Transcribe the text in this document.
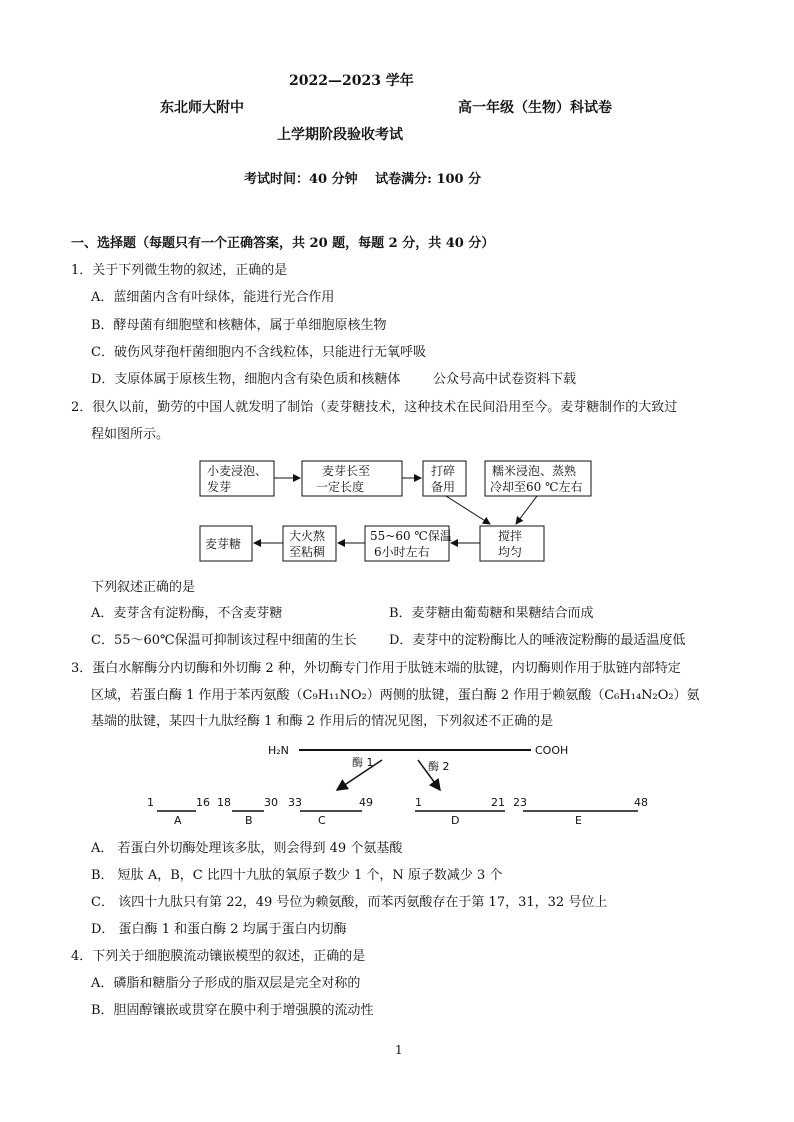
2022—2023 学年
东北师大附中	高一年级（生物）科试卷
上学期阶段验收考试
考试时间：40 分钟　 试卷满分: 100 分
一、选择题（每题只有一个正确答案，共 20 题，每题 2 分，共 40 分）
1．关于下列微生物的叙述，正确的是
A．蓝细菌内含有叶绿体，能进行光合作用
B．酵母菌有细胞壁和核糖体，属于单细胞原核生物
C．破伤风芽孢杆菌细胞内不含线粒体，只能进行无氧呼吸
D．支原体属于原核生物，细胞内含有染色质和核糖体	公众号高中试卷资料下载
2．很久以前，勤劳的中国人就发明了制饴（麦芽糖技术，这种技术在民间沿用至今。麦芽糖制作的大致过
程如图所示。
小麦浸泡、
发芽
麦芽长至
一定长度
打碎
备用
糯米浸泡、蒸熟
冷却至60 ℃左右
搅拌
均匀
55~60 ℃保温
6小时左右
大火熬
至粘稠
麦芽糖
H₂N	COOH
酶 1	酶 2
1	16
A
18	30
B
33	49
C
1	21
D
23	48
E
下列叙述正确的是
A．麦芽含有淀粉酶，不含麦芽糖	B．麦芽糖由葡萄糖和果糖结合而成
C．55～60℃保温可抑制该过程中细菌的生长 D．麦芽中的淀粉酶比人的唾液淀粉酶的最适温度低
3．蛋白水解酶分内切酶和外切酶 2 种，外切酶专门作用于肽链末端的肽键，内切酶则作用于肽链内部特定
区域，若蛋白酶 1 作用于苯丙氨酸（C₉H₁₁NO₂）两侧的肽键，蛋白酶 2 作用于赖氨酸（C₆H₁₄N₂O₂）氨
基端的肽键，某四十九肽经酶 1 和酶 2 作用后的情况见图，下列叙述不正确的是
A． 若蛋白外切酶处理该多肽，则会得到 49 个氨基酸
B． 短肽 A，B，C 比四十九肽的氧原子数少 1 个，N 原子数减少 3 个
C． 该四十九肽只有第 22，49 号位为赖氨酸，而苯丙氨酸存在于第 17，31，32 号位上
D． 蛋白酶 1 和蛋白酶 2 均属于蛋白内切酶
4．下列关于细胞膜流动镶嵌模型的叙述，正确的是
A．磷脂和糖脂分子形成的脂双层是完全对称的
B．胆固醇镶嵌或贯穿在膜中利于增强膜的流动性
1
